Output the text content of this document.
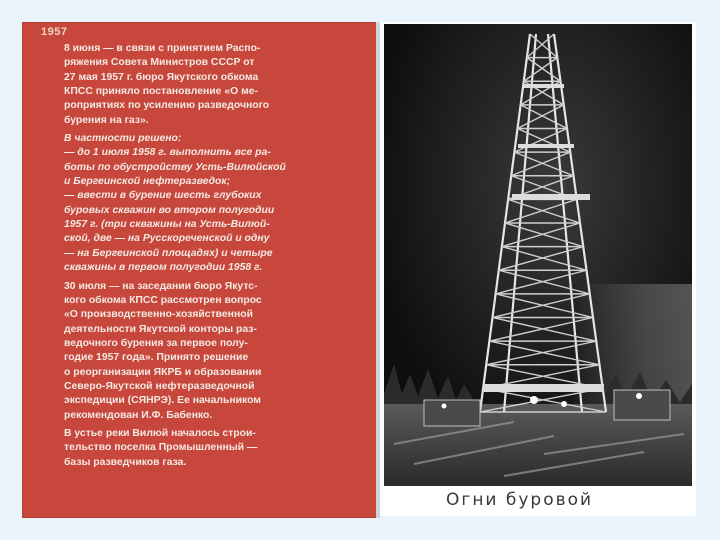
1957
8 июня — в связи с принятием Распо-
ряжения Совета Министров СССР от
27 мая 1957 г. бюро Якутского обкома
КПСС приняло постановление «О ме-
роприятиях по усилению разведочного
бурения на газ».
В частности решено:
— до 1 июля 1958 г. выполнить все ра-
боты по обустройству Усть-Вилюйской
и Бергеинской нефтеразведок;
— ввести в бурение шесть глубоких
буровых скважин во втором полугодии
1957 г. (три скважины на Усть-Вилюй-
ской, две — на Русскореченской и одну
— на Бергеинской площадях) и четыре
скважины в первом полугодии 1958 г.
30 июля — на заседании бюро Якутс-
кого обкома КПСС рассмотрен вопрос
«О производственно-хозяйственной
деятельности Якутской конторы раз-
ведочного бурения за первое полу-
годие 1957 года». Принято решение
о реорганизации ЯКРБ и образовании
Северо-Якутской нефтеразведочной
экспедиции (СЯНРЭ). Ее начальником
рекомендован И.Ф. Бабенко.
В устье реки Вилюй началось строи-
тельство поселка Промышленный —
базы разведчиков газа.
Огни буровой
